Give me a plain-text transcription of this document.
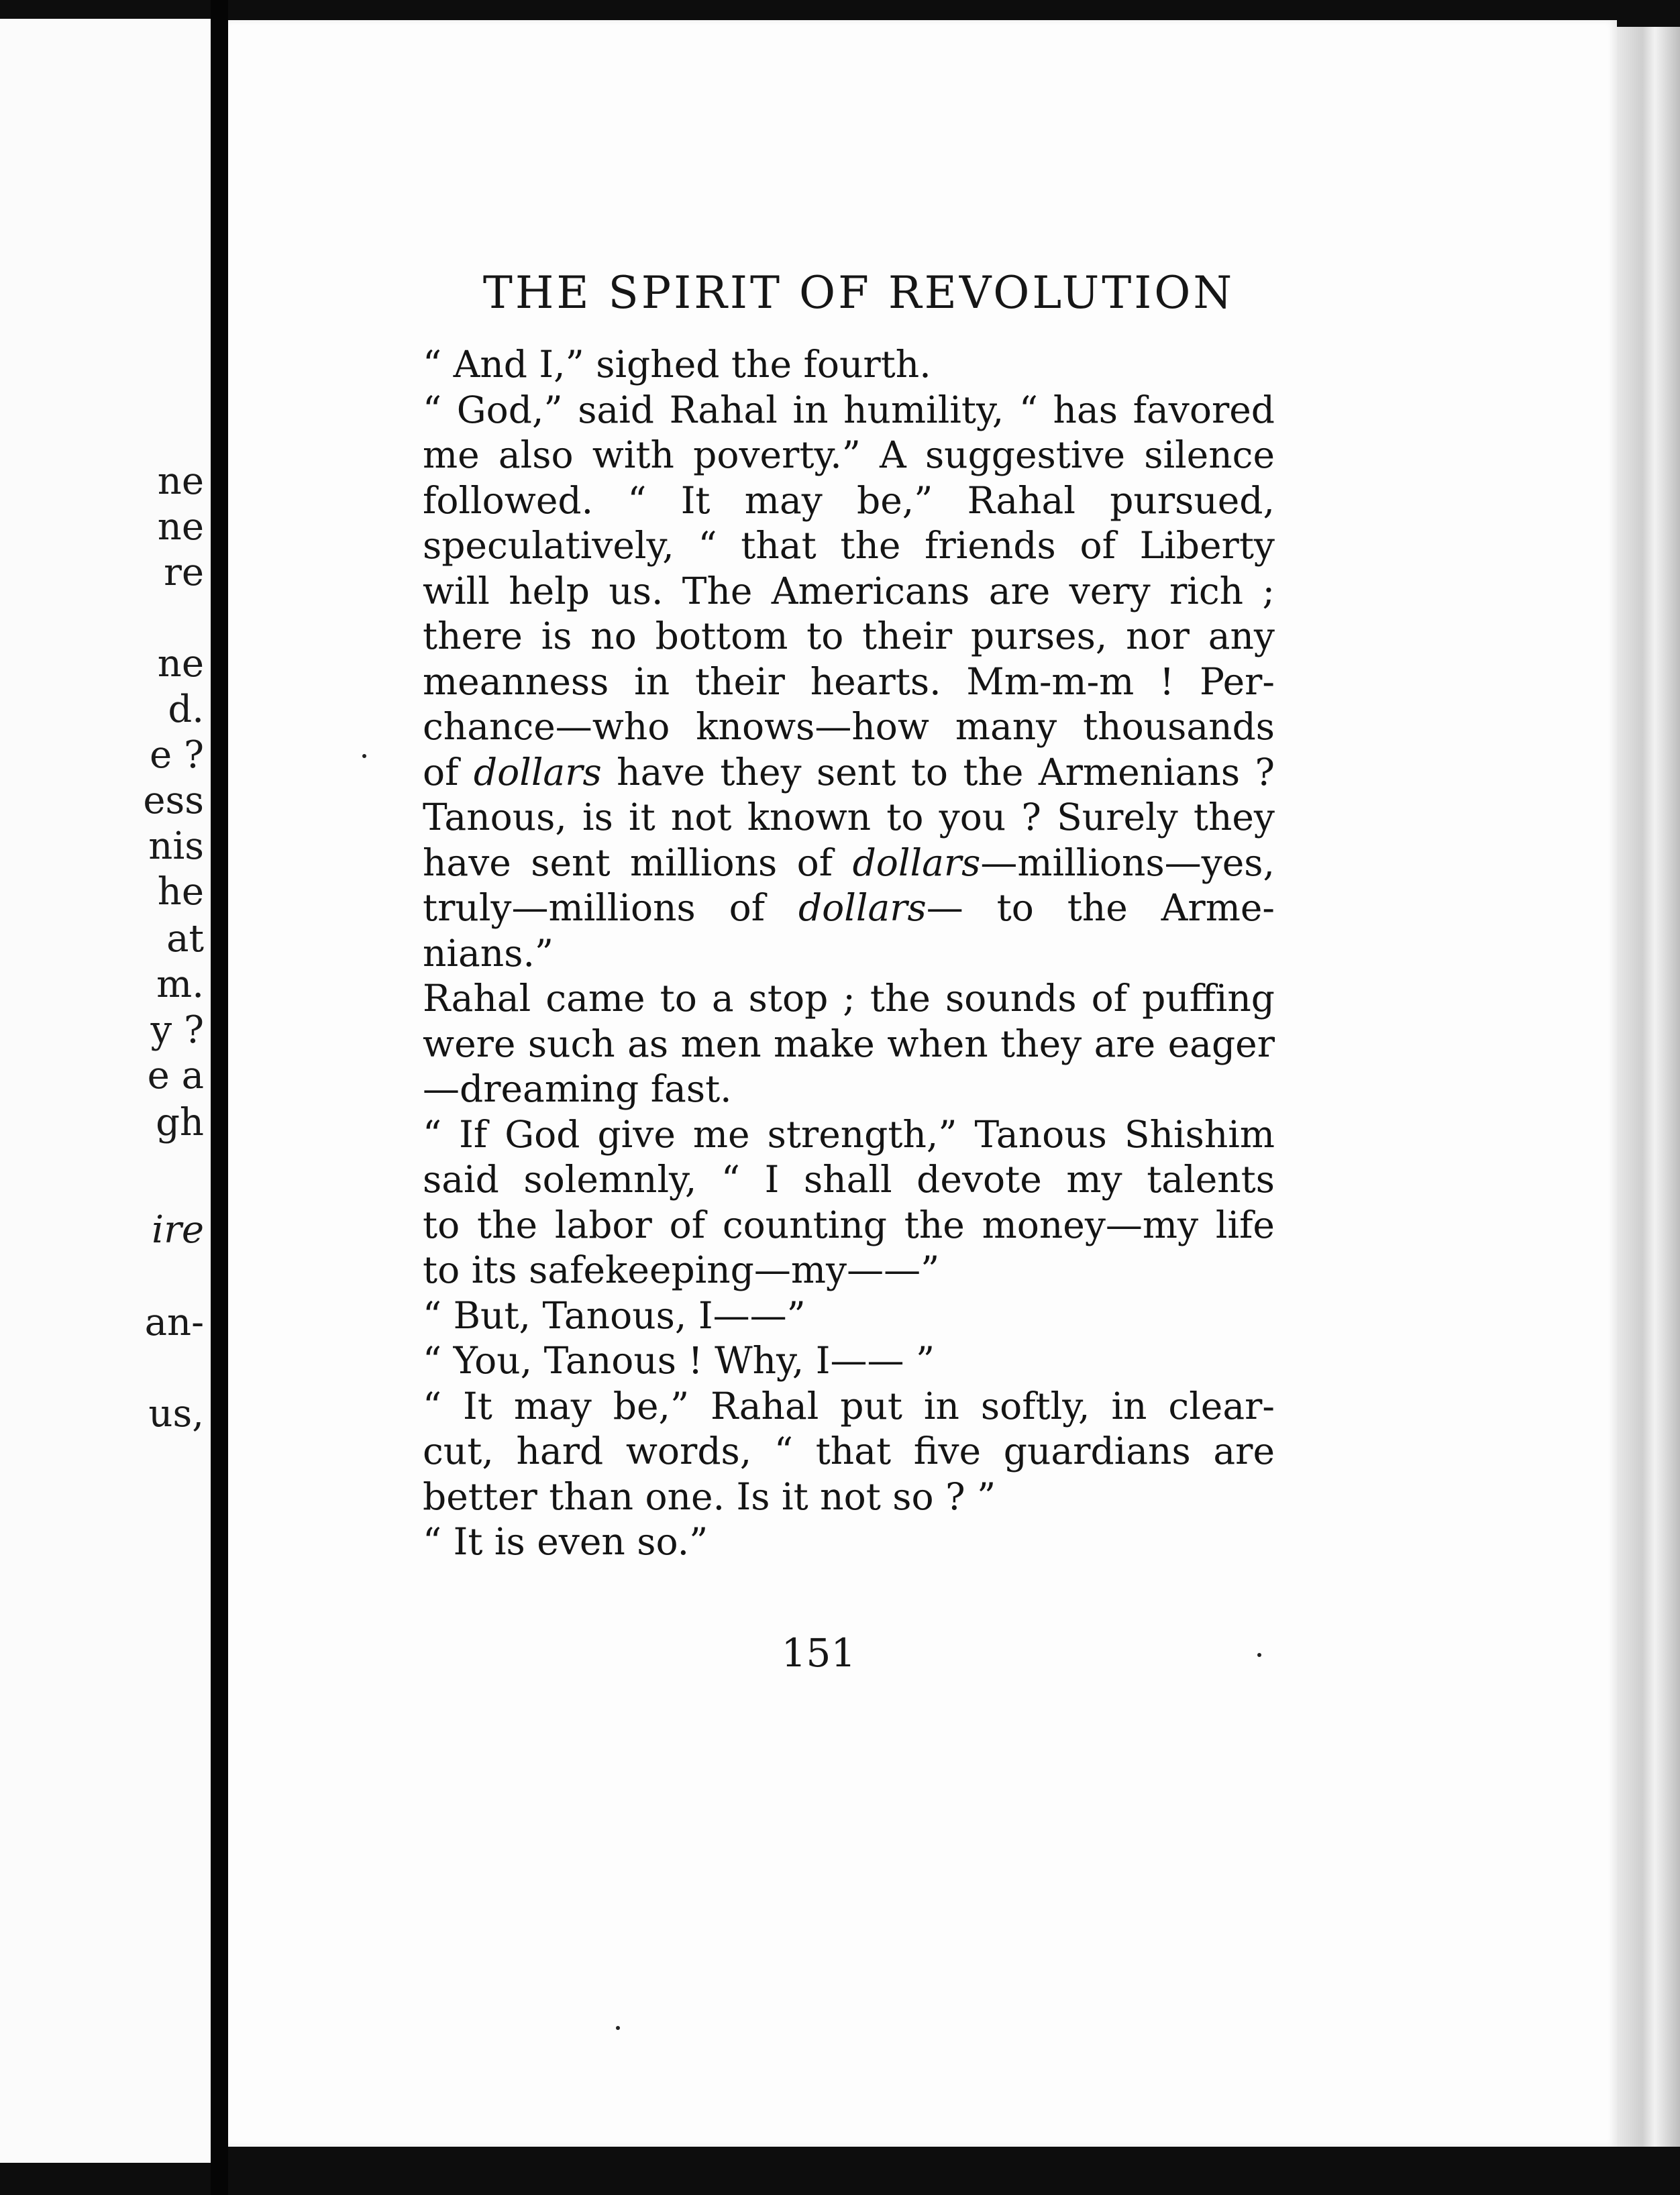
ne
ne
re
ne
d.
e ?
ess
nis
he
at
m.
y ?
e a
gh
ire
an-
us,
THE SPIRIT OF REVOLUTION
“ And I,” sighed the fourth.
“ God,” said Rahal in humility, “ has favored
me also with poverty.” A suggestive silence
followed. “ It may be,” Rahal pursued,
speculatively, “ that the friends of Liberty
will help us. The Americans are very rich ;
there is no bottom to their purses, nor any
meanness in their hearts. Mm-m-m ! Per-
chance—who knows—how many thousands
of dollars have they sent to the Armenians ?
Tanous, is it not known to you ? Surely they
have sent millions of dollars—millions—yes,
truly—millions of dollars— to the Arme-
nians.”
Rahal came to a stop ; the sounds of puffing
were such as men make when they are eager
—dreaming fast.
“ If God give me strength,” Tanous Shishim
said solemnly, “ I shall devote my talents
to the labor of counting the money—my life
to its safekeeping—my——”
“ But, Tanous, I——”
“ You, Tanous ! Why, I—— ”
“ It may be,” Rahal put in softly, in clear-
cut, hard words, “ that five guardians are
better than one. Is it not so ? ”
“ It is even so.”
151
